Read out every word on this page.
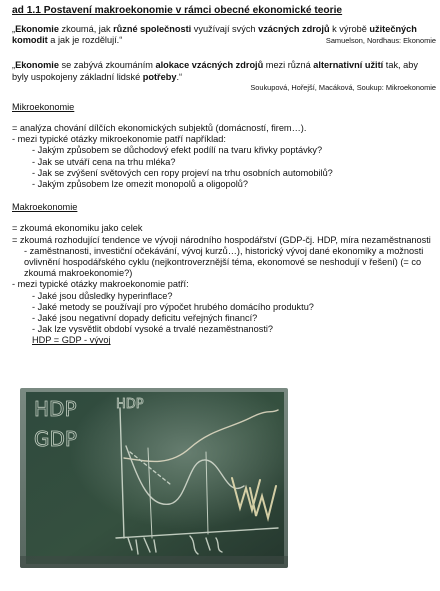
ad 1.1 Postavení makroekonomie v rámci obecné ekonomické teorie

„Ekonomie zkoumá, jak různé společnosti využívají svých vzácných zdrojů k výrobě užitečných komodit a jak je rozdělují.“	Samuelson, Nordhaus: Ekonomie

„Ekonomie se zabývá zkoumáním alokace vzácných zdrojů mezi různá alternativní užití tak, aby byly uspokojeny základní lidské potřeby.“

Soukupová, Hořejší, Macáková, Soukup: Mikroekonomie

Mikroekonomie

= analýza chování dílčích ekonomických subjektů (domácností, firem…).

- mezi typické otázky mikroekonomie patří například:

- Jakým způsobem se důchodový efekt podílí na tvaru křivky poptávky?

- Jak se utváří cena na trhu mléka?

- Jak se zvýšení světových cen ropy projeví na trhu osobních automobilů?

- Jakým způsobem lze omezit monopolů a oligopolů?

Makroekonomie

= zkoumá ekonomiku jako celek

= zkoumá rozhodující tendence ve vývoji národního hospodářství (GDP-čj. HDP, míra nezaměstnanosti - zaměstnanosti, investiční očekávání, vývoj kurzů…), historický vývoj dané ekonomiky a možnosti ovlivnění hospodářského cyklu (nejkontroverznější téma, ekonomové se neshodují v řešení) (= co zkoumá makroekonomie?)

- mezi typické otázky makroekonomie patří:

- Jaké jsou důsledky hyperinflace?

- Jaké metody se používají pro výpočet hrubého domácího produktu?

- Jaké jsou negativní dopady deficitu veřejných financí?

- Jak lze vysvětlit období vysoké a trvalé nezaměstnanosti?

HDP = GDP - vývoj

HDP
GDP
HDP
